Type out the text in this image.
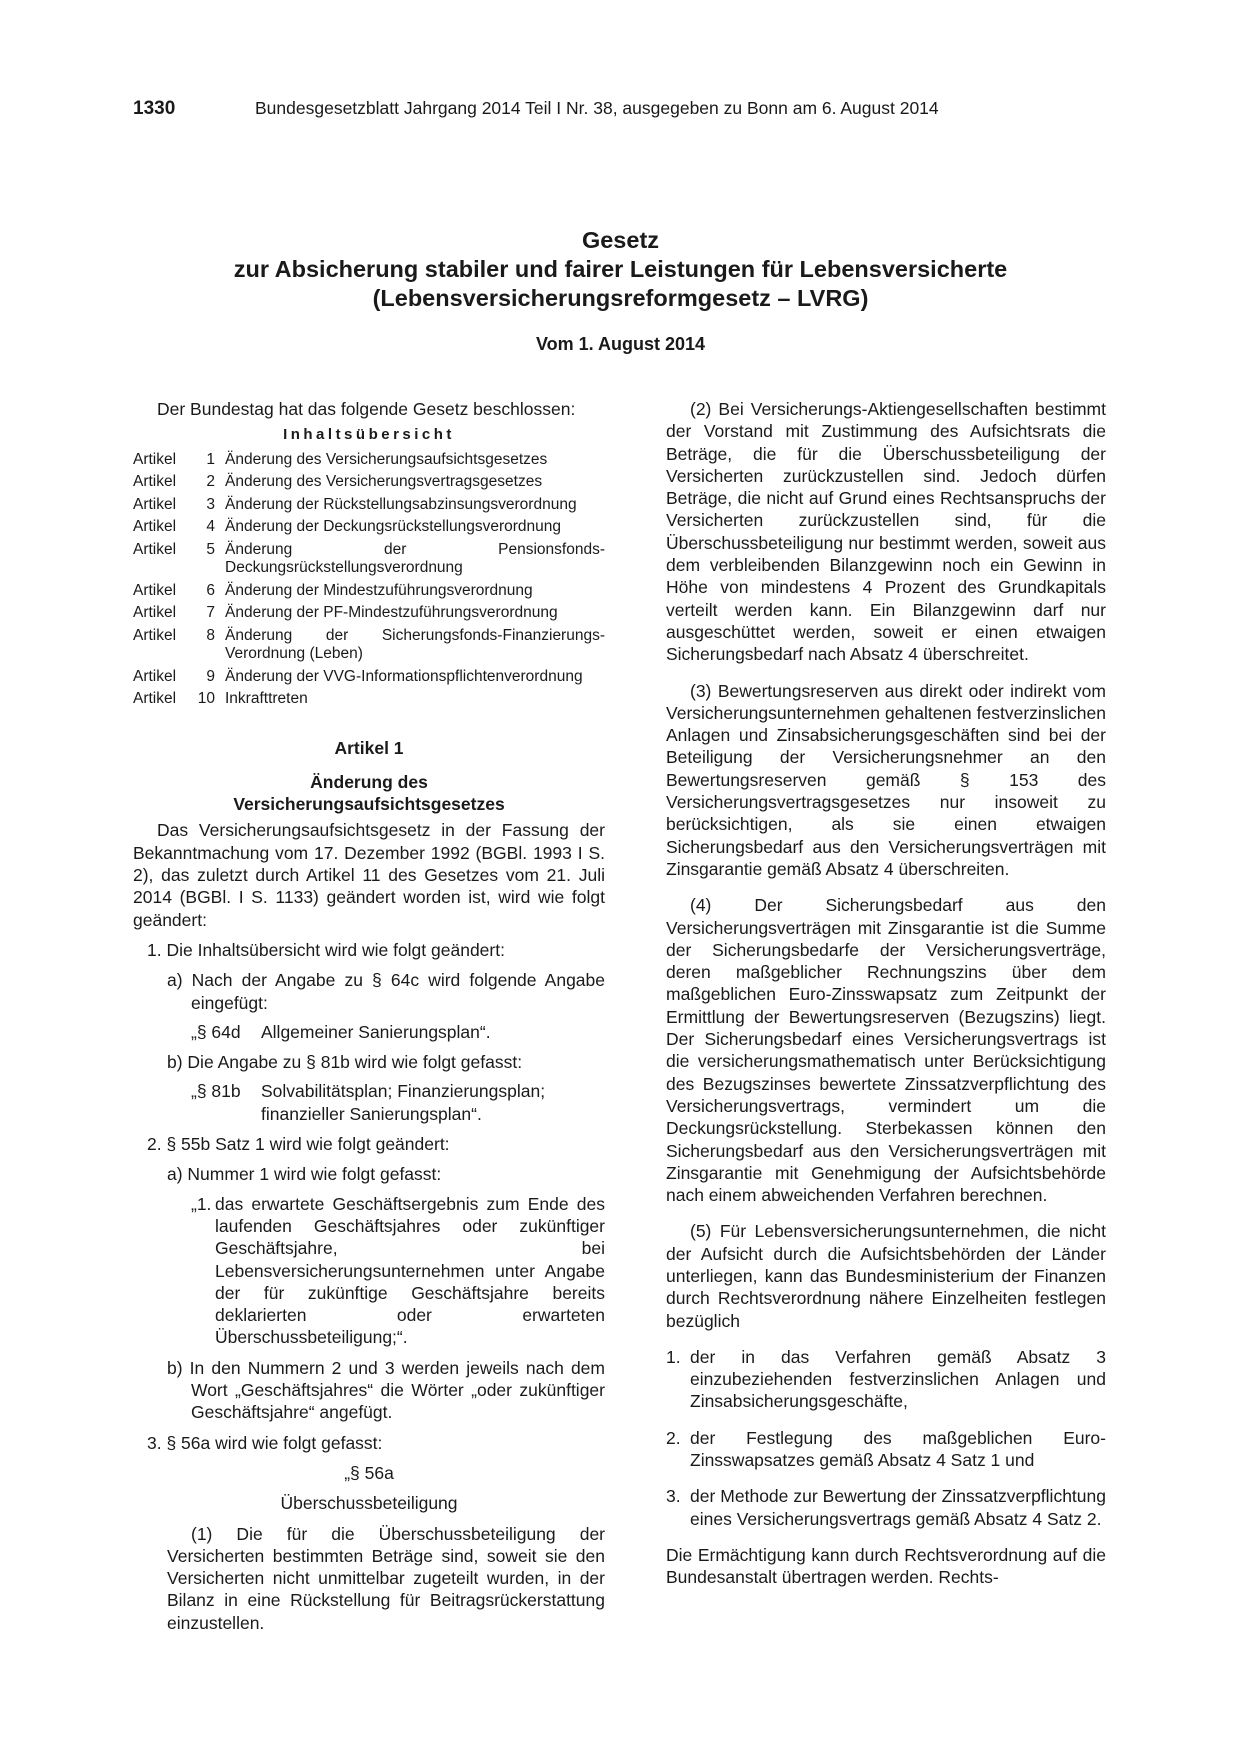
1330	Bundesgesetzblatt Jahrgang 2014 Teil I Nr. 38, ausgegeben zu Bonn am 6. August 2014
Gesetz
zur Absicherung stabiler und fairer Leistungen für Lebensversicherte
(Lebensversicherungsreformgesetz – LVRG)
Vom 1. August 2014

Der Bundestag hat das folgende Gesetz beschlossen:

Inhaltsübersicht
Artikel	1 Änderung des Versicherungsaufsichtsgesetzes
Artikel	2 Änderung des Versicherungsvertragsgesetzes
Artikel	3 Änderung der Rückstellungsabzinsungsverordnung
Artikel	4 Änderung der Deckungsrückstellungsverordnung
Artikel	5 Änderung der Pensionsfonds-Deckungsrückstellungsverordnung
Artikel	6 Änderung der Mindestzuführungsverordnung
Artikel	7 Änderung der PF-Mindestzuführungsverordnung
Artikel	8 Änderung der Sicherungsfonds-Finanzierungs-Verordnung (Leben)
Artikel	9 Änderung der VVG-Informationspflichtenverordnung
Artikel	10 Inkrafttreten
Artikel 1
Änderung des
Versicherungsaufsichtsgesetzes

Das Versicherungsaufsichtsgesetz in der Fassung der Bekanntmachung vom 17. Dezember 1992 (BGBl. 1993 I S. 2), das zuletzt durch Artikel 11 des Gesetzes vom 21. Juli 2014 (BGBl. I S. 1133) geändert worden ist, wird wie folgt geändert:

1. Die Inhaltsübersicht wird wie folgt geändert:

a) Nach der Angabe zu § 64c wird folgende Angabe eingefügt:

„§ 64d	Allgemeiner Sanierungsplan“.

b) Die Angabe zu § 81b wird wie folgt gefasst:

„§ 81b	Solvabilitätsplan; Finanzierungsplan; finanzieller Sanierungsplan“.

2. § 55b Satz 1 wird wie folgt geändert:

a) Nummer 1 wird wie folgt gefasst:

„1. das erwartete Geschäftsergebnis zum Ende des laufenden Geschäftsjahres oder zukünftiger Geschäftsjahre, bei Lebensversicherungsunternehmen unter Angabe der für zukünftige Geschäftsjahre bereits deklarierten oder erwarteten Überschussbeteiligung;“.

b) In den Nummern 2 und 3 werden jeweils nach dem Wort „Geschäftsjahres“ die Wörter „oder zukünftiger Geschäftsjahre“ angefügt.

3. § 56a wird wie folgt gefasst:

„§ 56a
Überschussbeteiligung

(1) Die für die Überschussbeteiligung der Versicherten bestimmten Beträge sind, soweit sie den Versicherten nicht unmittelbar zugeteilt wurden, in der Bilanz in eine Rückstellung für Beitragsrückerstattung einzustellen.

(2) Bei Versicherungs-Aktiengesellschaften bestimmt der Vorstand mit Zustimmung des Aufsichtsrats die Beträge, die für die Überschussbeteiligung der Versicherten zurückzustellen sind. Jedoch dürfen Beträge, die nicht auf Grund eines Rechtsanspruchs der Versicherten zurückzustellen sind, für die Überschussbeteiligung nur bestimmt werden, soweit aus dem verbleibenden Bilanzgewinn noch ein Gewinn in Höhe von mindestens 4 Prozent des Grundkapitals verteilt werden kann. Ein Bilanzgewinn darf nur ausgeschüttet werden, soweit er einen etwaigen Sicherungsbedarf nach Absatz 4 überschreitet.

(3) Bewertungsreserven aus direkt oder indirekt vom Versicherungsunternehmen gehaltenen festverzinslichen Anlagen und Zinsabsicherungsgeschäften sind bei der Beteiligung der Versicherungsnehmer an den Bewertungsreserven gemäß § 153 des Versicherungsvertragsgesetzes nur insoweit zu berücksichtigen, als sie einen etwaigen Sicherungsbedarf aus den Versicherungsverträgen mit Zinsgarantie gemäß Absatz 4 überschreiten.

(4) Der Sicherungsbedarf aus den Versicherungsverträgen mit Zinsgarantie ist die Summe der Sicherungsbedarfe der Versicherungsverträge, deren maßgeblicher Rechnungszins über dem maßgeblichen Euro-Zinsswapsatz zum Zeitpunkt der Ermittlung der Bewertungsreserven (Bezugszins) liegt. Der Sicherungsbedarf eines Versicherungsvertrags ist die versicherungsmathematisch unter Berücksichtigung des Bezugszinses bewertete Zinssatzverpflichtung des Versicherungsvertrags, vermindert um die Deckungsrückstellung. Sterbekassen können den Sicherungsbedarf aus den Versicherungsverträgen mit Zinsgarantie mit Genehmigung der Aufsichtsbehörde nach einem abweichenden Verfahren berechnen.

(5) Für Lebensversicherungsunternehmen, die nicht der Aufsicht durch die Aufsichtsbehörden der Länder unterliegen, kann das Bundesministerium der Finanzen durch Rechtsverordnung nähere Einzelheiten festlegen bezüglich

1. der in das Verfahren gemäß Absatz 3 einzubeziehenden festverzinslichen Anlagen und Zinsabsicherungsgeschäfte,
2. der Festlegung des maßgeblichen Euro-Zinsswapsatzes gemäß Absatz 4 Satz 1 und
3. der Methode zur Bewertung der Zinssatzverpflichtung eines Versicherungsvertrags gemäß Absatz 4 Satz 2.

Die Ermächtigung kann durch Rechtsverordnung auf die Bundesanstalt übertragen werden. Rechts-
